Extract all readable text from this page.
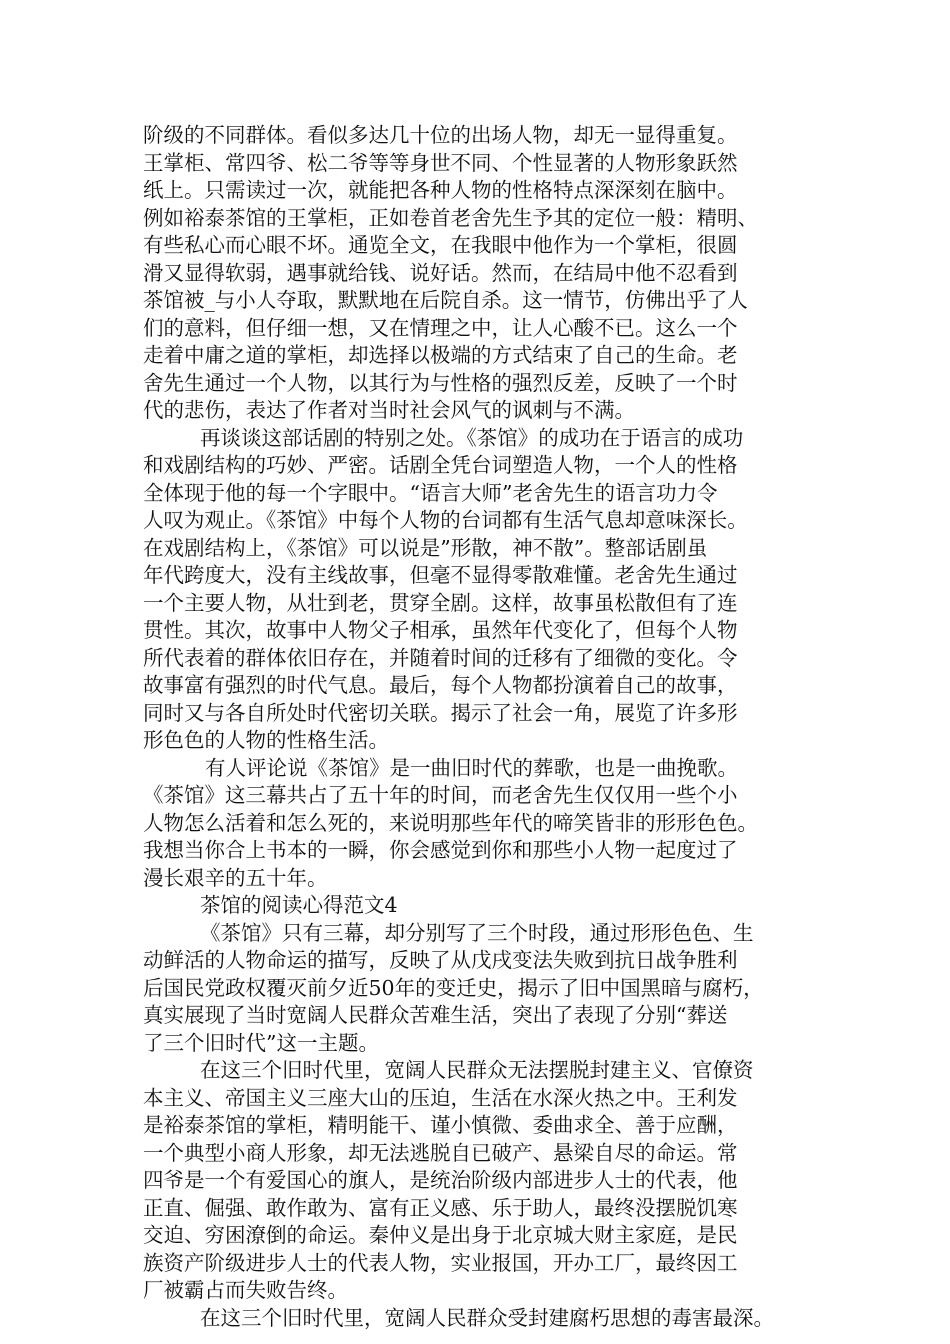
阶级的不同群体。看似多达几十位的出场人物，却无一显得重复。
王掌柜、常四爷、松二爷等等身世不同、个性显著的人物形象跃然
纸上。只需读过一次，就能把各种人物的性格特点深深刻在脑中。
例如裕泰茶馆的王掌柜，正如卷首老舍先生予其的定位一般：精明、
有些私心而心眼不坏。通览全文，在我眼中他作为一个掌柜，很圆
滑又显得软弱，遇事就给钱、说好话。然而，在结局中他不忍看到
茶馆被_与小人夺取，默默地在后院自杀。这一情节，仿佛出乎了人
们的意料，但仔细一想，又在情理之中，让人心酸不已。这么一个
走着中庸之道的掌柜，却选择以极端的方式结束了自己的生命。老
舍先生通过一个人物，以其行为与性格的强烈反差，反映了一个时
代的悲伤，表达了作者对当时社会风气的讽刺与不满。
再谈谈这部话剧的特别之处。《茶馆》的成功在于语言的成功
和戏剧结构的巧妙、严密。话剧全凭台词塑造人物，一个人的性格
全体现于他的每一个字眼中。“语言大师”老舍先生的语言功力令
人叹为观止。《茶馆》中每个人物的台词都有生活气息却意味深长。
在戏剧结构上，《茶馆》可以说是”形散，神不散”。整部话剧虽
年代跨度大，没有主线故事，但毫不显得零散难懂。老舍先生通过
一个主要人物，从壮到老，贯穿全剧。这样，故事虽松散但有了连
贯性。其次，故事中人物父子相承，虽然年代变化了，但每个人物
所代表着的群体依旧存在，并随着时间的迁移有了细微的变化。令
故事富有强烈的时代气息。最后，每个人物都扮演着自己的故事，
同时又与各自所处时代密切关联。揭示了社会一角，展览了许多形
形色色的人物的性格生活。
有人评论说《茶馆》是一曲旧时代的葬歌，也是一曲挽歌。
《茶馆》这三幕共占了五十年的时间，而老舍先生仅仅用一些个小
人物怎么活着和怎么死的，来说明那些年代的啼笑皆非的形形色色。
我想当你合上书本的一瞬，你会感觉到你和那些小人物一起度过了
漫长艰辛的五十年。
茶馆的阅读心得范文4
《茶馆》只有三幕，却分别写了三个时段，通过形形色色、生
动鲜活的人物命运的描写，反映了从戊戌变法失败到抗日战争胜利
后国民党政权覆灭前夕近50年的变迁史，揭示了旧中国黑暗与腐朽，
真实展现了当时宽阔人民群众苦难生活，突出了表现了分别“葬送
了三个旧时代”这一主题。
在这三个旧时代里，宽阔人民群众无法摆脱封建主义、官僚资
本主义、帝国主义三座大山的压迫，生活在水深火热之中。王利发
是裕泰茶馆的掌柜，精明能干、谨小慎微、委曲求全、善于应酬，
一个典型小商人形象，却无法逃脱自已破产、悬梁自尽的命运。常
四爷是一个有爱国心的旗人，是统治阶级内部进步人士的代表，他
正直、倔强、敢作敢为、富有正义感、乐于助人，最终没摆脱饥寒
交迫、穷困潦倒的命运。秦仲义是出身于北京城大财主家庭，是民
族资产阶级进步人士的代表人物，实业报国，开办工厂，最终因工
厂被霸占而失败告终。
在这三个旧时代里，宽阔人民群众受封建腐朽思想的毒害最深。
